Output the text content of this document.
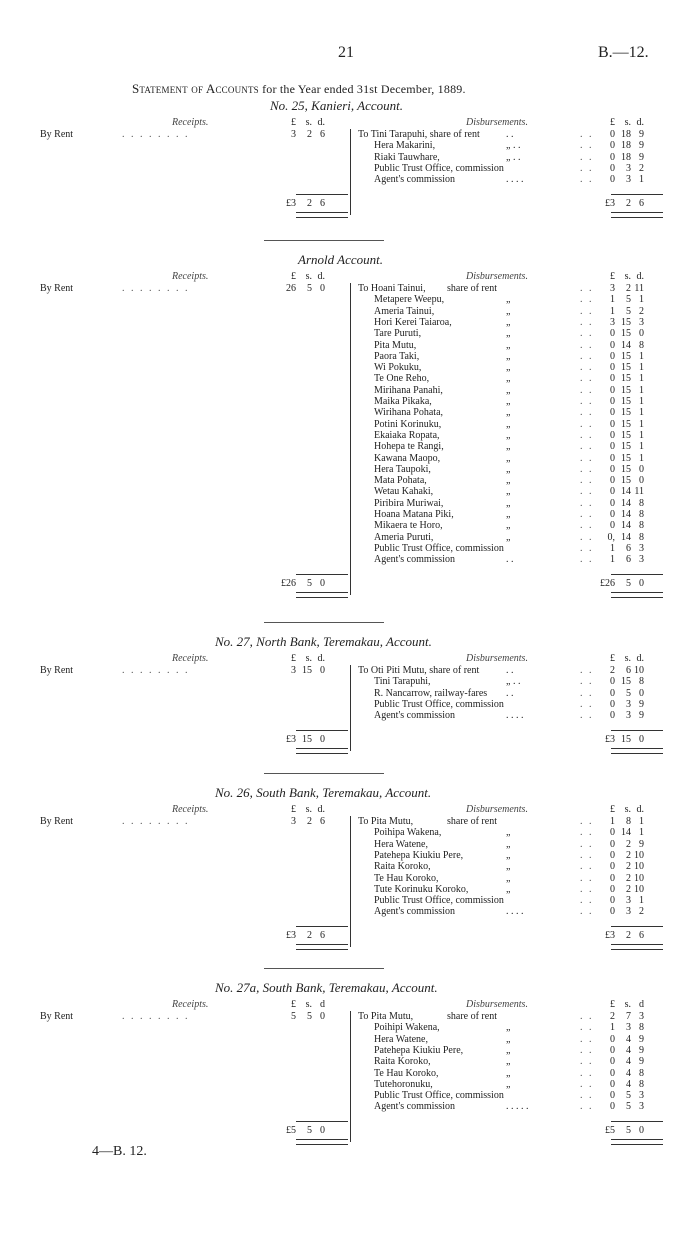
21	B.—12.
Statement of Accounts for the Year ended 31st December, 1889.
4—B. 12.
No. 25, Kanieri, Account.
Receipts.	Disbursements.
£ s. d.	£ s. d.
By Rent	. . . . . . . .	3	2 6	To Tini Tarapuhi, share of rent	. .	. .	0 18 9
Hera Makarini,	„ . .	. .	0 18 9
Riaki Tauwhare,	„ . .	. .	0 18 9
Public Trust Office, commission	. .	0	3 2
Agent's commission	. . . .	. .	0	3 1
£3	2 6	£3	2 6
Arnold Account.
Receipts.	Disbursements.
£ s. d.	£ s. d.
By Rent	. . . . . . . .	26	5 0	To Hoani Tainui, share of rent	. .	3	2 11
Metapere Weepu,	„	. .	1	5 1
Ameria Tainui,	„	. .	1	5 2
Hori Kerei Taiaroa,	„	. .	3 15 3
Tare Puruti,	„	. .	0 15 0
Pita Mutu,	„	. .	0 14 8
Paora Taki,	„	. .	0 15 1
Wi Pokuku,	„	. .	0 15 1
Te One Reho,	„	. .	0 15 1
Mirihana Panahi,	„	. .	0 15 1
Maika Pikaka,	„	. .	0 15 1
Wirihana Pohata,	„	. .	0 15 1
Potini Korinuku,	„	. .	0 15 1
Ekaiaka Ropata,	„	. .	0 15 1
Hohepa te Rangi,	„	. .	0 15 1
Kawana Maopo,	„	. .	0 15 1
Hera Taupoki,	„	. .	0 15 0
Mata Pohata,	„	. .	0 15 0
Wetau Kahaki,	„	. .	0 14 11
Piribira Muriwai,	„	. .	0 14 8
Hoana Matana Piki,	„	. .	0 14 8
Mikaera te Horo,	„	. .	0 14 8
Ameria Puruti,	„	. .	0, 14 8
Public Trust Office, commission	. .	1	6 3
Agent's commission	. .	. .	1	6 3
£26	5 0	£26	5 0
No. 27, North Bank, Teremakau, Account.
Receipts.	Disbursements.
£ s. d.	£ s. d.
By Rent	. . . . . . . .	3 15 0	To Oti Piti Mutu, share of rent	. .	. .	2	6 10
Tini Tarapuhi,	„ . .	. .	0 15 8
R. Nancarrow, railway-fares . .	. .	0	5 0
Public Trust Office, commission	. .	0	3 9
Agent's commission	. . . .	. .	0	3 9
£3 15 0	£3 15 0
No. 26, South Bank, Teremakau, Account.
Receipts.	Disbursements.
£ s. d.	£ s. d.
By Rent	. . . . . . . .	3	2 6	To Pita Mutu,	share of rent	. .	1	8 1
Poihipa Wakena,	„	. .	0 14 1
Hera Watene,	„	. .	0	2 9
Patehepa Kiukiu Pere,	„	. .	0	2 10
Raita Koroko,	„	. .	0	2 10
Te Hau Koroko,	„	. .	0	2 10
Tute Korinuku Koroko,	„	. .	0	2 10
Public Trust Office, commission	. .	0	3 1
Agent's commission	. . . .	. .	0	3 2
£3	2 6	£3	2 6
No. 27a, South Bank, Teremakau, Account.
Receipts.	Disbursements.
£ s. d	£ s. d
By Rent	. . . . . . . .	5	5 0	To Pita Mutu,	share of rent	. .	2	7 3
Poihipi Wakena,	„	. .	1	3 8
Hera Watene,	„	. .	0	4 9
Patehepa Kiukiu Pere,	„	. .	0	4 9
Raita Koroko,	„	. .	0	4 9
Te Hau Koroko,	„	. .	0	4 8
Tutehoronuku,	„	. .	0	4 8
Public Trust Office, commission	. .	0	5 3
Agent's commission	. . . . .	. .	0	5 3
£5	5 0	£5	5 0
